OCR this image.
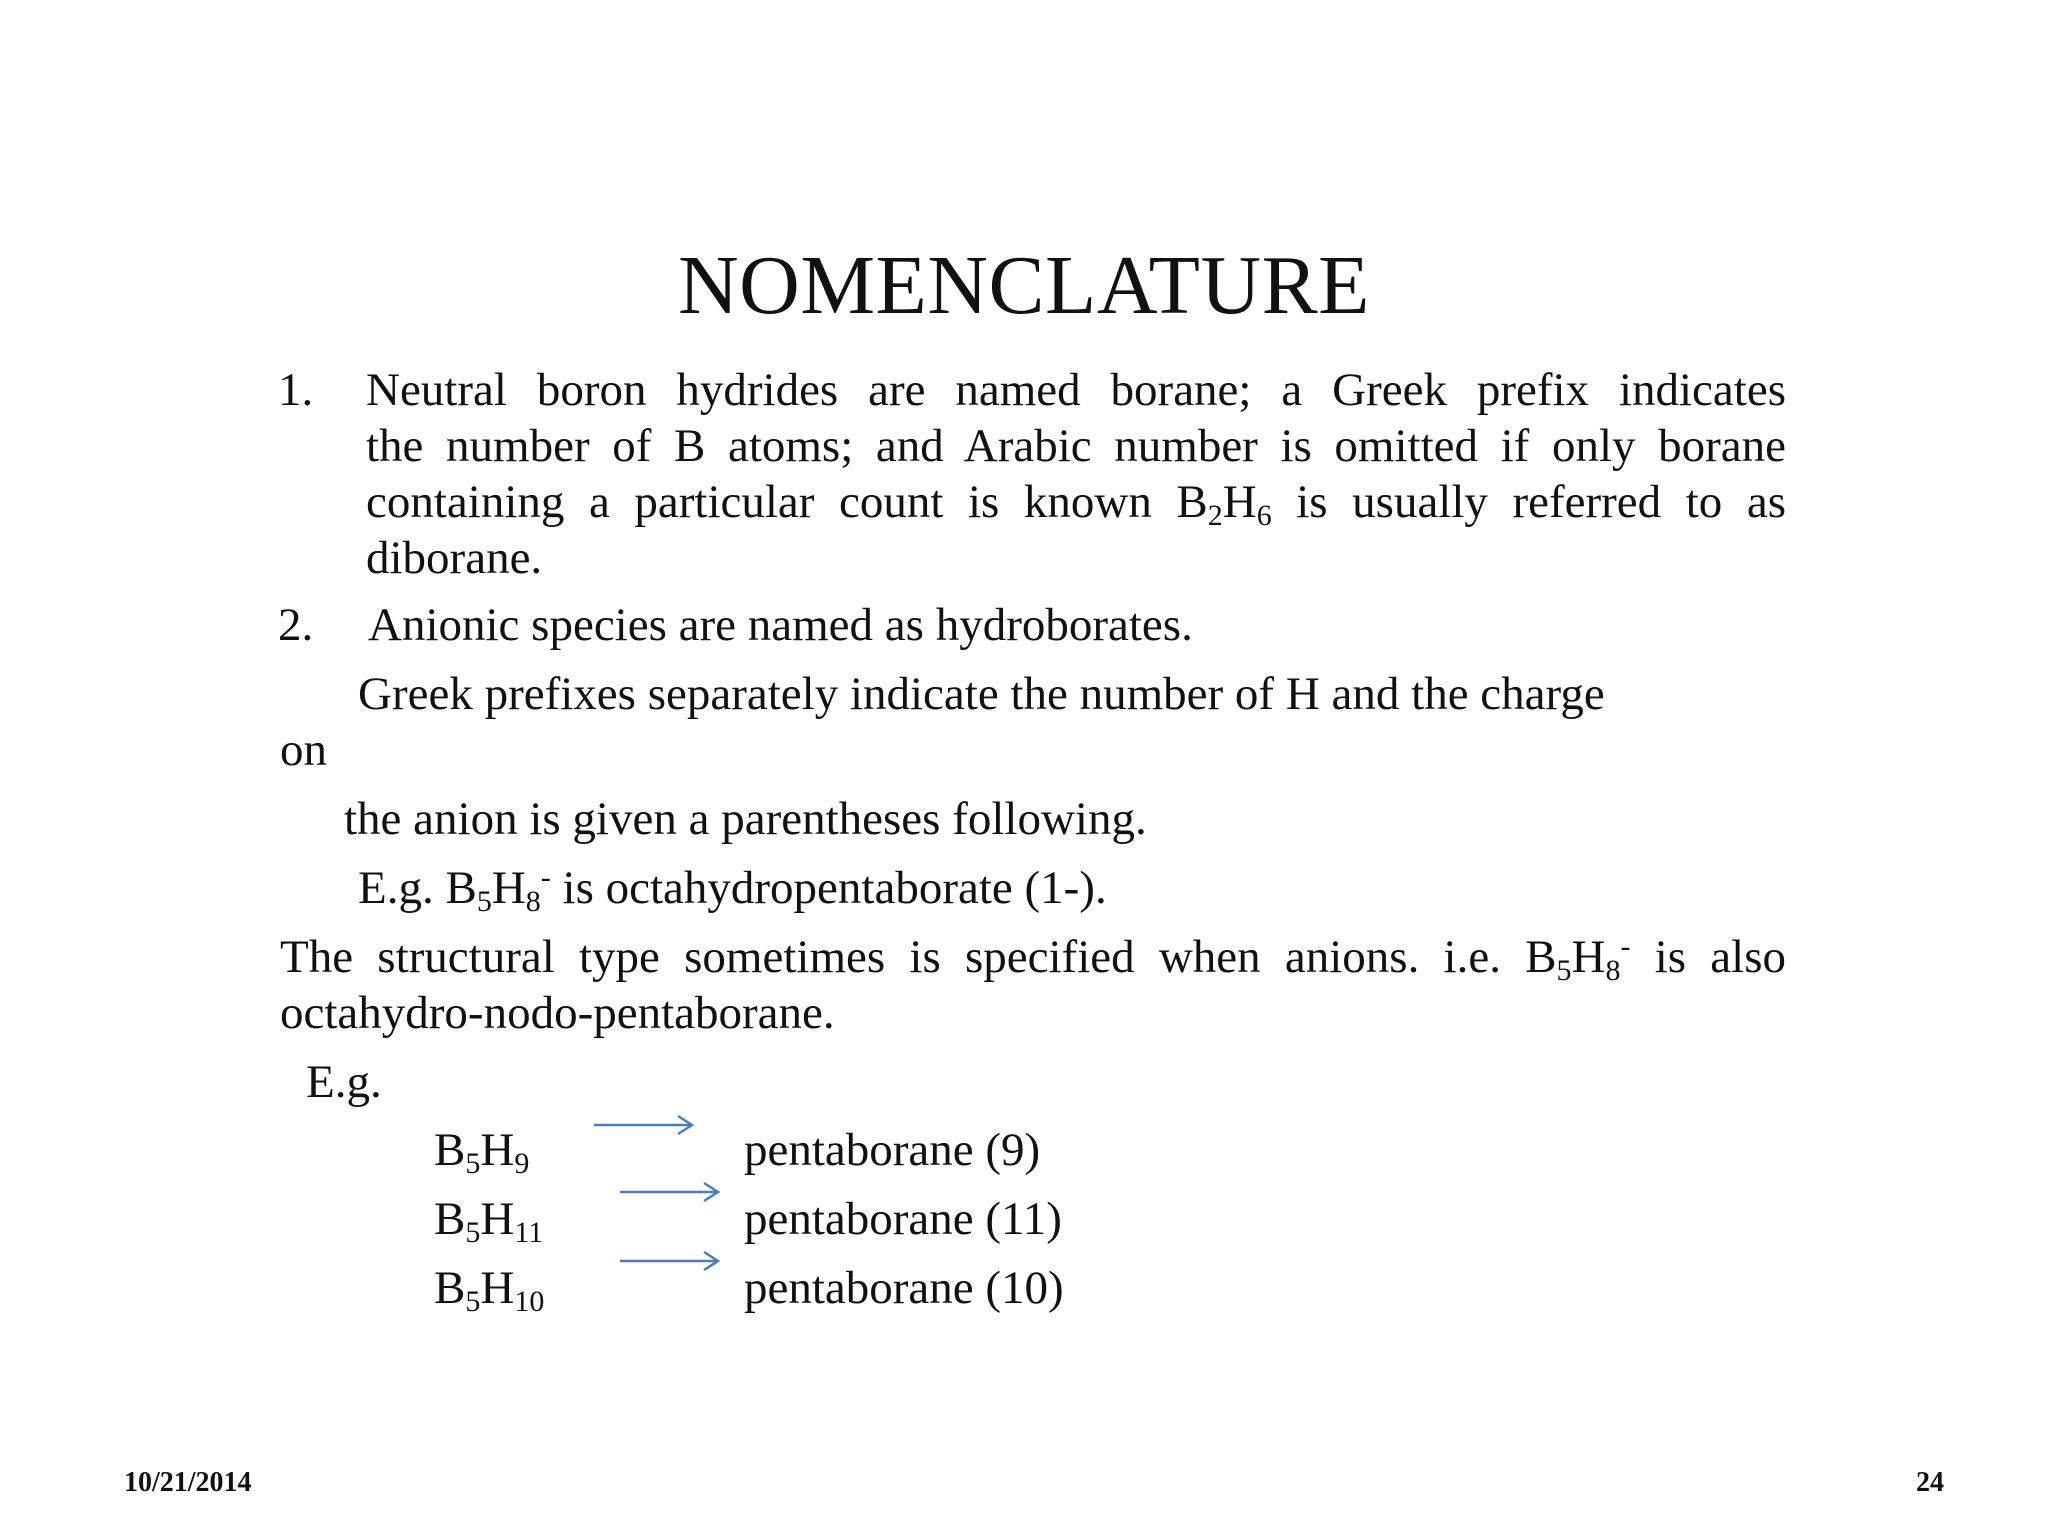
NOMENCLATURE
1. Neutral boron hydrides are named borane; a Greek prefix indicates
the number of B atoms; and Arabic number is omitted if only borane
containing a particular count is known $B_2H_6$ is usually referred to as
diborane.
2. Anionic species are named as hydroborates.
Greek prefixes separately indicate the number of H and the charge
on
the anion is given a parentheses following.
E.g. $B_5H_8^-$ is octahydropentaborate (1-).
The structural type sometimes is specified when anions. i.e. $B_5H_8^-$ is also
octahydro-nodo-pentaborane.
E.g.
$B_5H_9$	pentaborane (9)
$B_5H_{11}$	pentaborane (11)
$B_5H_{10}$	pentaborane (10)
10/21/2014	24
